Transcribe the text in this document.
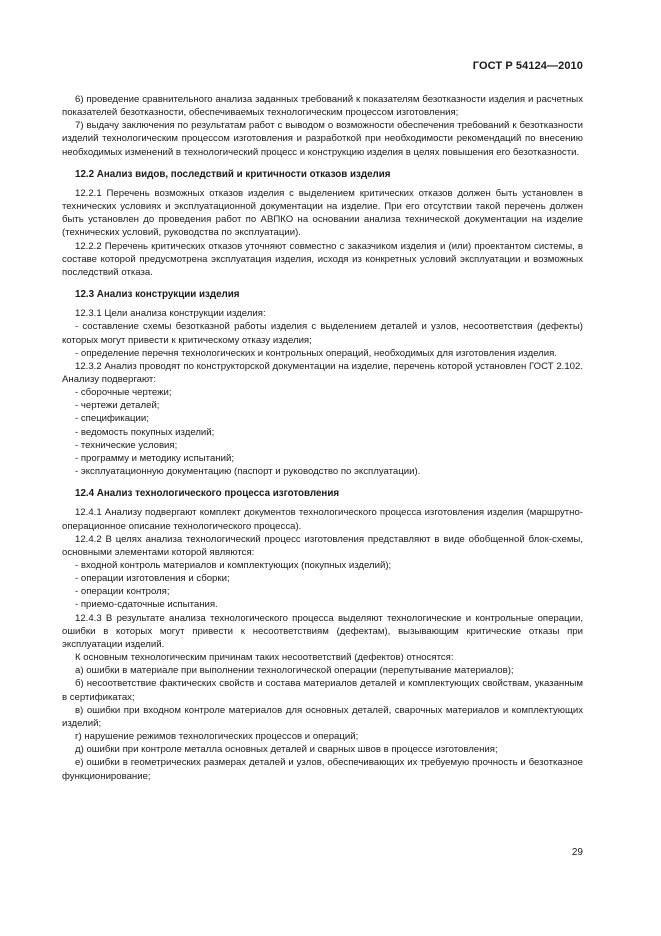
ГОСТ Р 54124—2010

6) проведение сравнительного анализа заданных требований к показателям безотказности изделия и расчетных показателей безотказности, обеспечиваемых технологическим процессом изготовления;

7) выдачу заключения по результатам работ с выводом о возможности обеспечения требований к безотказности изделий технологическим процессом изготовления и разработкой при необходимости рекомендаций по внесению необходимых изменений в технологический процесс и конструкцию изделия в целях повышения его безотказности.

12.2 Анализ видов, последствий и критичности отказов изделия

12.2.1 Перечень возможных отказов изделия с выделением критических отказов должен быть установлен в технических условиях и эксплуатационной документации на изделие. При его отсутствии такой перечень должен быть установлен до проведения работ по АВПКО на основании анализа технической документации на изделие (технических условий, руководства по эксплуатации).

12.2.2 Перечень критических отказов уточняют совместно с заказчиком изделия и (или) проектантом системы, в составе которой предусмотрена эксплуатация изделия, исходя из конкретных условий эксплуатации и возможных последствий отказа.

12.3 Анализ конструкции изделия

12.3.1 Цели анализа конструкции изделия:

- составление схемы безотказной работы изделия с выделением деталей и узлов, несоответствия (дефекты) которых могут привести к критическому отказу изделия;

- определение перечня технологических и контрольных операций, необходимых для изготовления изделия.

12.3.2 Анализ проводят по конструкторской документации на изделие, перечень которой установлен ГОСТ 2.102. Анализу подвергают:

- сборочные чертежи;

- чертежи деталей;

- спецификации;

- ведомость покупных изделий;

- технические условия;

- программу и методику испытаний;

- эксплуатационную документацию (паспорт и руководство по эксплуатации).

12.4 Анализ технологического процесса изготовления

12.4.1 Анализу подвергают комплект документов технологического процесса изготовления изделия (маршрутно-операционное описание технологического процесса).

12.4.2 В целях анализа технологический процесс изготовления представляют в виде обобщенной блок-схемы, основными элементами которой являются:

- входной контроль материалов и комплектующих (покупных изделий);

- операции изготовления и сборки;

- операции контроля;

- приемо-сдаточные испытания.

12.4.3 В результате анализа технологического процесса выделяют технологические и контрольные операции, ошибки в которых могут привести к несоответствиям (дефектам), вызывающим критические отказы при эксплуатации изделий.

К основным технологическим причинам таких несоответствий (дефектов) относятся:

а) ошибки в материале при выполнении технологической операции (перепутывание материалов);

б) несоответствие фактических свойств и состава материалов деталей и комплектующих свойствам, указанным в сертификатах;

в) ошибки при входном контроле материалов для основных деталей, сварочных материалов и комплектующих изделий;

г) нарушение режимов технологических процессов и операций;

д) ошибки при контроле металла основных деталей и сварных швов в процессе изготовления;

е) ошибки в геометрических размерах деталей и узлов, обеспечивающих их требуемую прочность и безотказное функционирование;

29
